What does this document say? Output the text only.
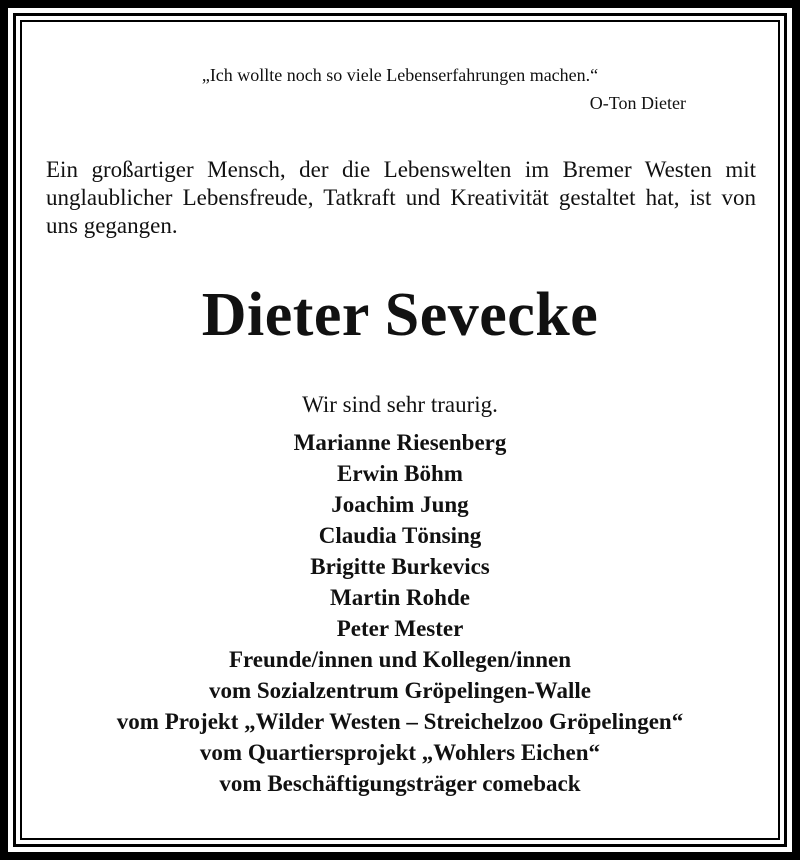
„Ich wollte noch so viele Lebenserfahrungen machen.“
O-Ton Dieter
Ein großartiger Mensch, der die Lebenswelten im Bremer Westen mit unglaublicher Lebensfreude, Tatkraft und Kreativität gestaltet hat, ist von uns gegangen.
Dieter Sevecke
Wir sind sehr traurig.
Marianne Riesenberg
Erwin Böhm
Joachim Jung
Claudia Tönsing
Brigitte Burkevics
Martin Rohde
Peter Mester
Freunde/innen und Kollegen/innen
vom Sozialzentrum Gröpelingen-Walle
vom Projekt „Wilder Westen – Streichelzoo Gröpelingen“
vom Quartiersprojekt „Wohlers Eichen“
vom Beschäftigungsträger comeback
